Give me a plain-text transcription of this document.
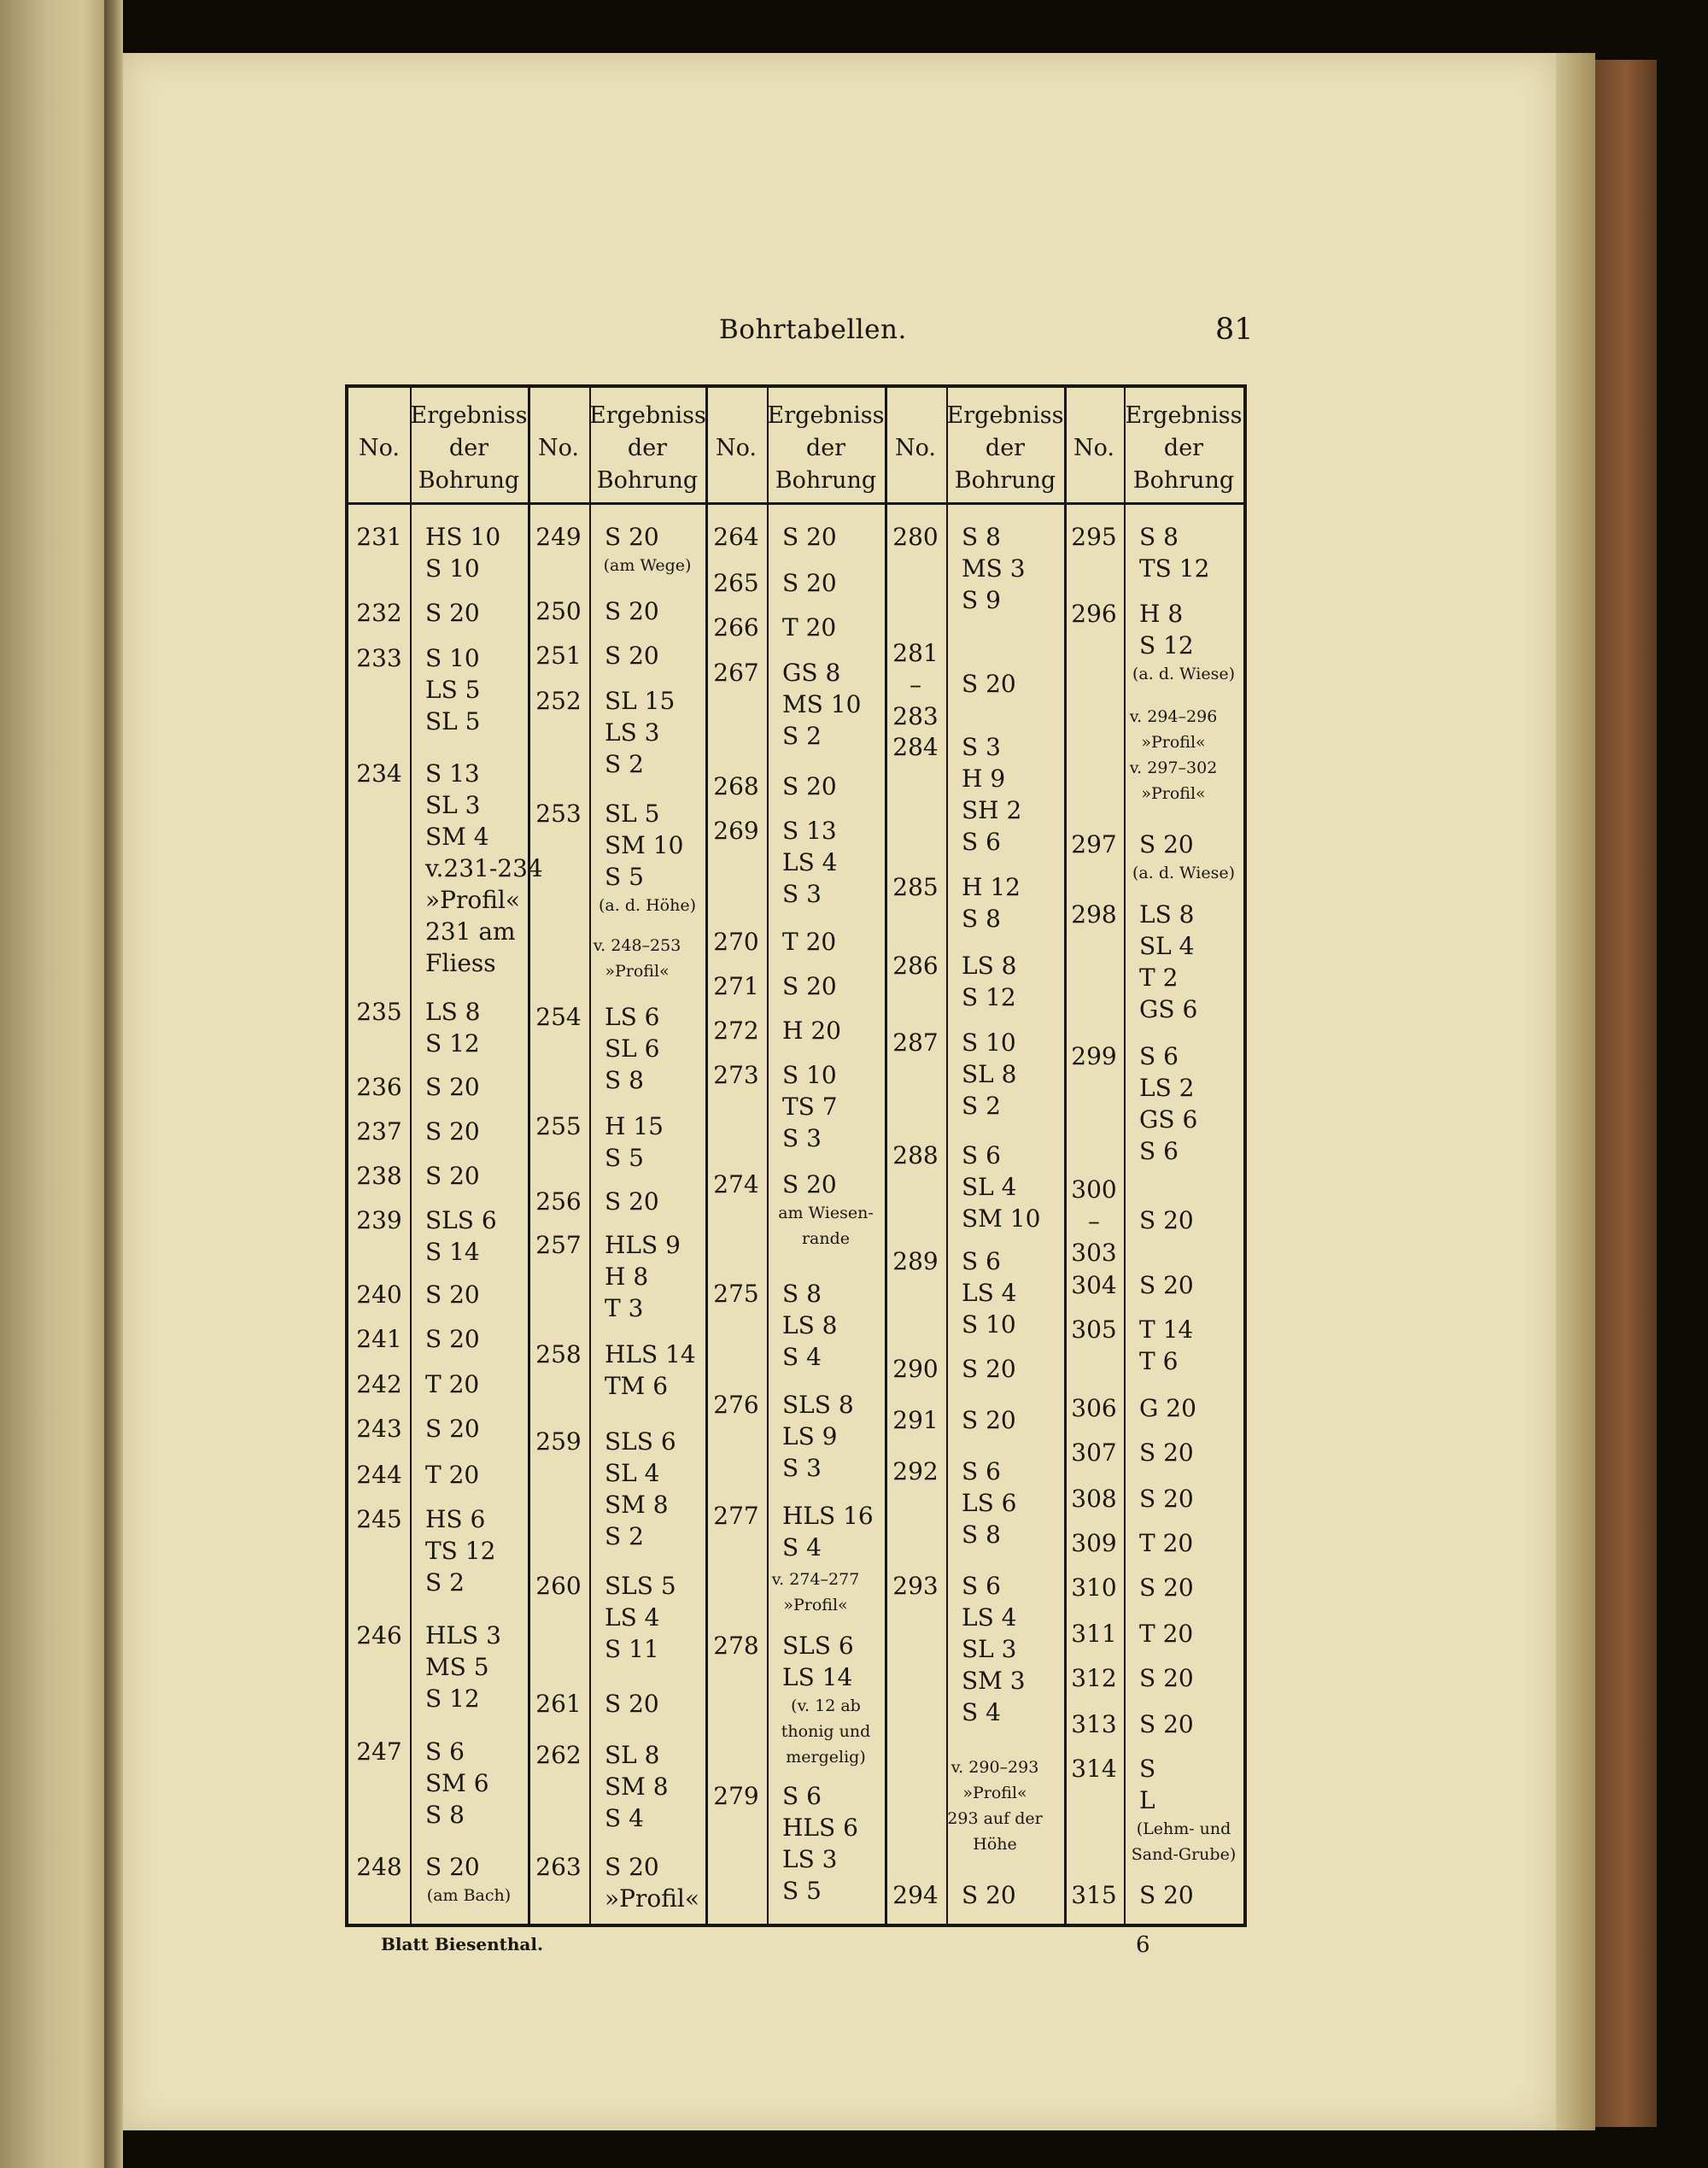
Bohrtabellen.	81
No.
Ergebniss
der
Bohrung
No.
Ergebniss
der
Bohrung
No.
Ergebniss
der
Bohrung
No.
Ergebniss
der
Bohrung
No.
Ergebniss
der
Bohrung
231 HS 10
S 10
232 S 20
233 S 10
LS 5
SL 5
234 S 13
SL 3
SM 4
v.231-234
»Profil«
231 am
Fliess
235 LS 8
S 12
236 S 20
237 S 20
238 S 20
239 SLS 6
S 14
240 S 20
241 S 20
242 T 20
243 S 20
244 T 20
245 HS 6
TS 12
S 2
246 HLS 3
MS 5
S 12
247 S 6
SM 6
S 8
248 S 20
(am Bach)
249 S 20
(am Wege)
250 S 20
251 S 20
252 SL 15
LS 3
S 2
253 SL 5
SM 10
S 5
(a. d. Höhe)
v. 248–253
»Profil«
254 LS 6
SL 6
S 8
255 H 15
S 5
256 S 20
257 HLS 9
H 8
T 3
258 HLS 14
TM 6
259 SLS 6
SL 4
SM 8
S 2
260 SLS 5
LS 4
S 11
261 S 20
262 SL 8
SM 8
S 4
263 S 20
»Profil«
264 S 20
265 S 20
266 T 20
267 GS 8
MS 10
S 2
268 S 20
269 S 13
LS 4
S 3
270 T 20
271 S 20
272 H 20
273 S 10
TS 7
S 3
274 S 20
am Wiesen-
rande
275 S 8
LS 8
S 4
276 SLS 8
LS 9
S 3
277 HLS 16
S 4
v. 274–277
»Profil«
278 SLS 6
LS 14
(v. 12 ab
thonig und
mergelig)
279 S 6
HLS 6
LS 3
S 5
280 S 8
MS 3
S 9
281
–
283
S 20
284 S 3
H 9
SH 2
S 6
285 H 12
S 8
286 LS 8
S 12
287 S 10
SL 8
S 2
288 S 6
SL 4
SM 10
289 S 6
LS 4
S 10
290 S 20
291 S 20
292 S 6
LS 6
S 8
293 S 6
LS 4
SL 3
SM 3
S 4
v. 290–293
»Profil«
293 auf der
Höhe
294 S 20
295 S 8
TS 12
296 H 8
S 12
(a. d. Wiese)
v. 294–296
»Profil«
v. 297–302
»Profil«
297 S 20
(a. d. Wiese)
298 LS 8
SL 4
T 2
GS 6
299 S 6
LS 2
GS 6
S 6
300
–
303
S 20
304 S 20
305 T 14
T 6
306 G 20
307 S 20
308 S 20
309 T 20
310 S 20
311 T 20
312 S 20
313 S 20
314 S
L
(Lehm- und
Sand-Grube)
315 S 20
Blatt Biesenthal.	6
